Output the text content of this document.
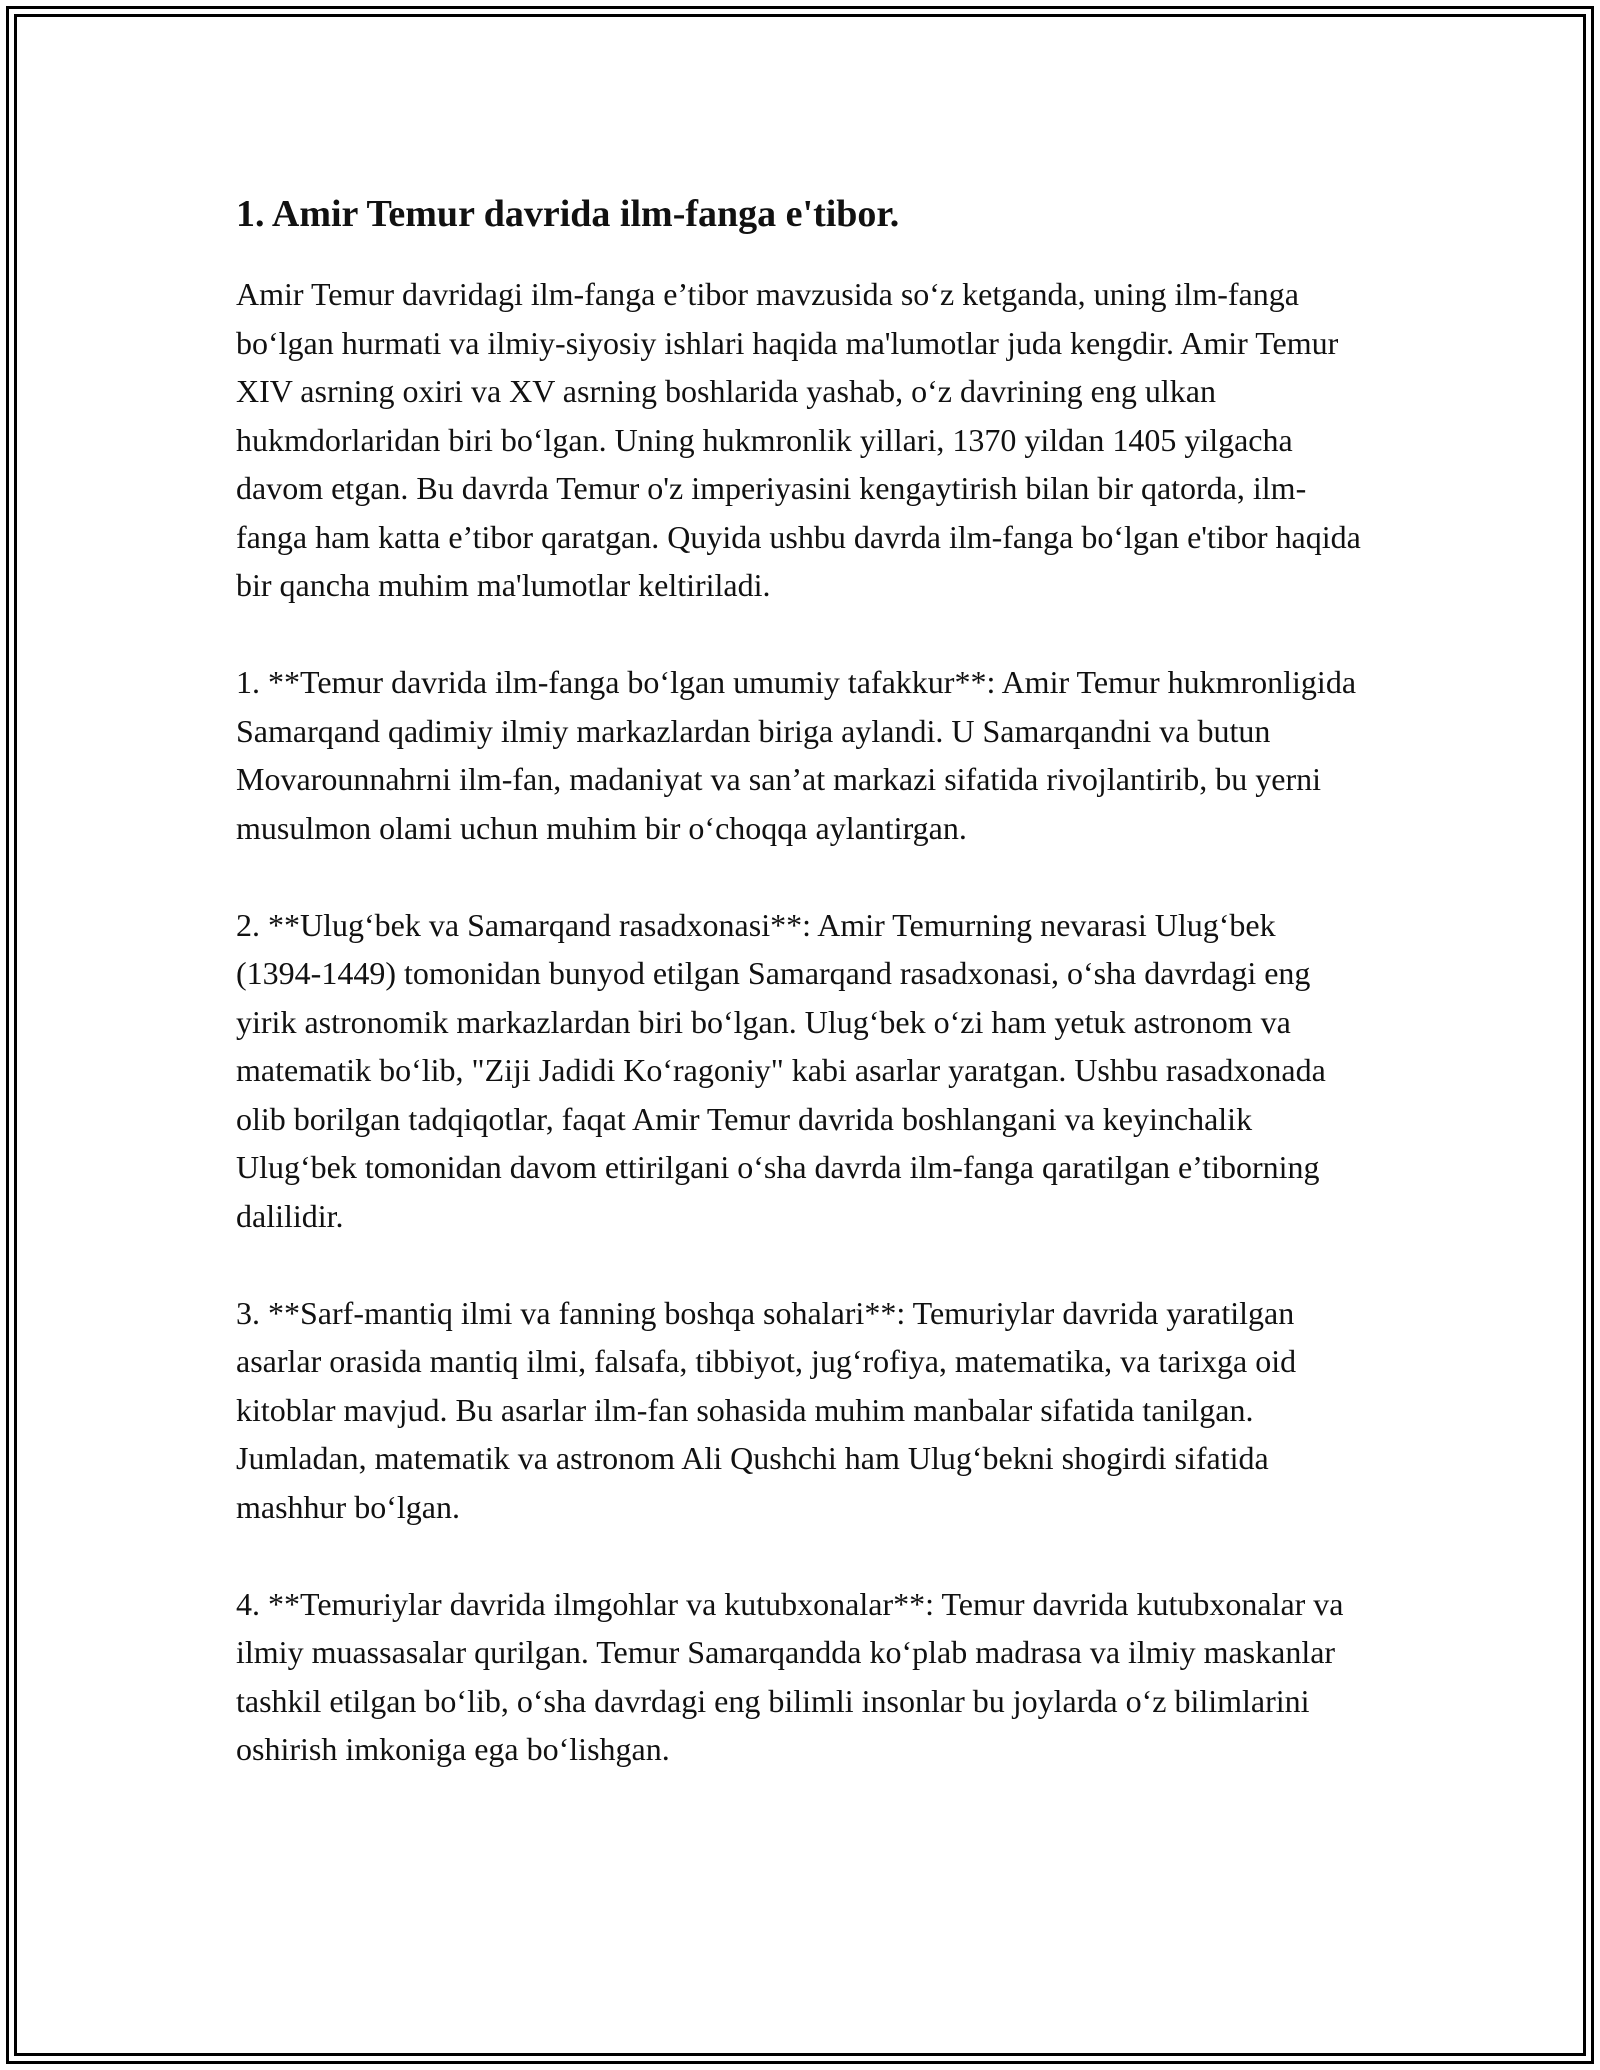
1. Amir Temur davrida ilm-fanga e'tibor.

Amir Temur davridagi ilm-fanga e’tibor mavzusida so‘z ketganda, uning ilm-fanga bo‘lgan hurmati va ilmiy-siyosiy ishlari haqida ma'lumotlar juda kengdir. Amir Temur XIV asrning oxiri va XV asrning boshlarida yashab, o‘z davrining eng ulkan hukmdorlaridan biri bo‘lgan. Uning hukmronlik yillari, 1370 yildan 1405 yilgacha davom etgan. Bu davrda Temur o'z imperiyasini kengaytirish bilan bir qatorda, ilm-fanga ham katta e’tibor qaratgan. Quyida ushbu davrda ilm-fanga bo‘lgan e'tibor haqida bir qancha muhim ma'lumotlar keltiriladi.

1. **Temur davrida ilm-fanga bo‘lgan umumiy tafakkur**: Amir Temur hukmronligida Samarqand qadimiy ilmiy markazlardan biriga aylandi. U Samarqandni va butun Movarounnahrni ilm-fan, madaniyat va san’at markazi sifatida rivojlantirib, bu yerni musulmon olami uchun muhim bir o‘choqqa aylantirgan.

2. **Ulug‘bek va Samarqand rasadxonasi**: Amir Temurning nevarasi Ulug‘bek (1394-1449) tomonidan bunyod etilgan Samarqand rasadxonasi, o‘sha davrdagi eng yirik astronomik markazlardan biri bo‘lgan. Ulug‘bek o‘zi ham yetuk astronom va matematik bo‘lib, "Ziji Jadidi Ko‘ragoniy" kabi asarlar yaratgan. Ushbu rasadxonada olib borilgan tadqiqotlar, faqat Amir Temur davrida boshlangani va keyinchalik Ulug‘bek tomonidan davom ettirilgani o‘sha davrda ilm-fanga qaratilgan e’tiborning dalilidir.

3. **Sarf-mantiq ilmi va fanning boshqa sohalari**: Temuriylar davrida yaratilgan asarlar orasida mantiq ilmi, falsafa, tibbiyot, jug‘rofiya, matematika, va tarixga oid kitoblar mavjud. Bu asarlar ilm-fan sohasida muhim manbalar sifatida tanilgan. Jumladan, matematik va astronom Ali Qushchi ham Ulug‘bekni shogirdi sifatida mashhur bo‘lgan.

4. **Temuriylar davrida ilmgohlar va kutubxonalar**: Temur davrida kutubxonalar va ilmiy muassasalar qurilgan. Temur Samarqandda ko‘plab madrasa va ilmiy maskanlar tashkil etilgan bo‘lib, o‘sha davrdagi eng bilimli insonlar bu joylarda o‘z bilimlarini oshirish imkoniga ega bo‘lishgan.
